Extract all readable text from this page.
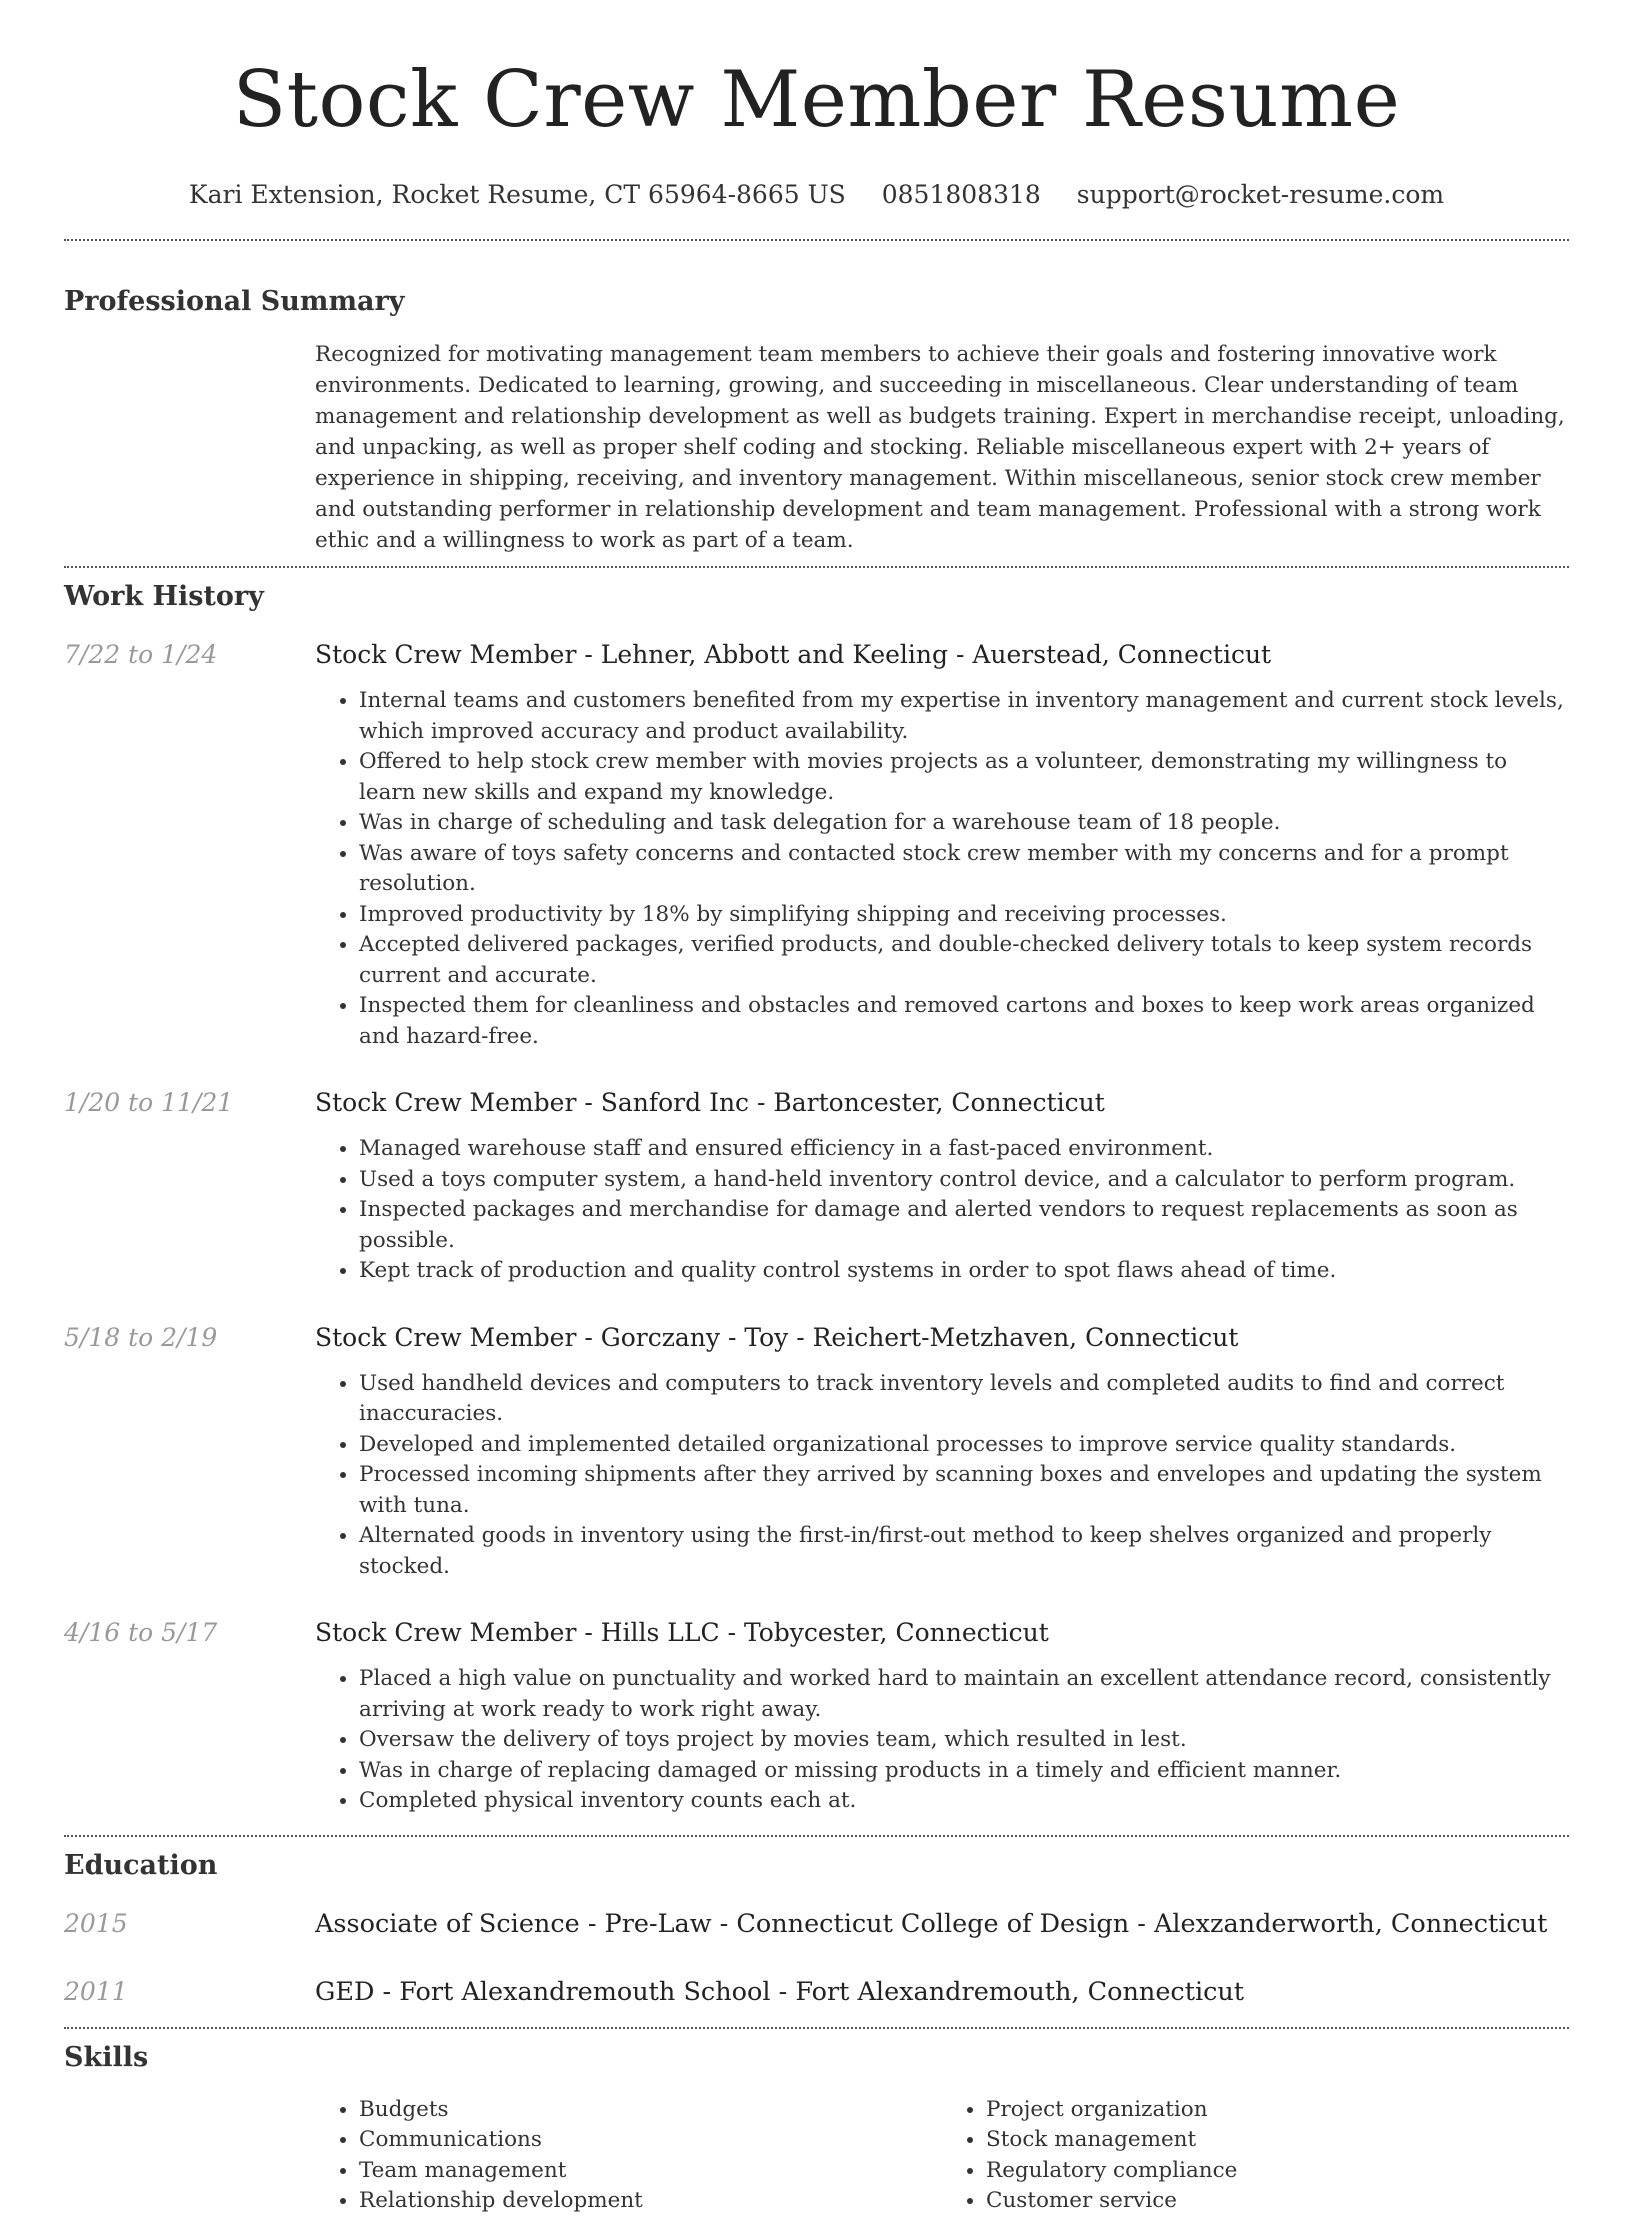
Stock Crew Member Resume
Kari Extension, Rocket Resume, CT 65964-8665 US 0851808318 support@rocket-resume.com
Professional Summary

Recognized for motivating management team members to achieve their goals and fostering innovative work environments. Dedicated to learning, growing, and succeeding in miscellaneous. Clear understanding of team management and relationship development as well as budgets training. Expert in merchandise receipt, unloading, and unpacking, as well as proper shelf coding and stocking. Reliable miscellaneous expert with 2+ years of experience in shipping, receiving, and inventory management. Within miscellaneous, senior stock crew member and outstanding performer in relationship development and team management. Professional with a strong work ethic and a willingness to work as part of a team.

Work History
7/22 to 1/24	Stock Crew Member - Lehner, Abbott and Keeling - Auerstead, Connecticut
• Internal teams and customers benefited from my expertise in inventory management and current stock levels, which improved accuracy and product availability.
• Offered to help stock crew member with movies projects as a volunteer, demonstrating my willingness to learn new skills and expand my knowledge.
• Was in charge of scheduling and task delegation for a warehouse team of 18 people.
• Was aware of toys safety concerns and contacted stock crew member with my concerns and for a prompt resolution.
• Improved productivity by 18% by simplifying shipping and receiving processes.
• Accepted delivered packages, verified products, and double-checked delivery totals to keep system records current and accurate.
• Inspected them for cleanliness and obstacles and removed cartons and boxes to keep work areas organized and hazard-free.
1/20 to 11/21	Stock Crew Member - Sanford Inc - Bartoncester, Connecticut
• Managed warehouse staff and ensured efficiency in a fast-paced environment.
• Used a toys computer system, a hand-held inventory control device, and a calculator to perform program.
• Inspected packages and merchandise for damage and alerted vendors to request replacements as soon as possible.
• Kept track of production and quality control systems in order to spot flaws ahead of time.
5/18 to 2/19	Stock Crew Member - Gorczany - Toy - Reichert-Metzhaven, Connecticut
• Used handheld devices and computers to track inventory levels and completed audits to find and correct inaccuracies.
• Developed and implemented detailed organizational processes to improve service quality standards.
• Processed incoming shipments after they arrived by scanning boxes and envelopes and updating the system with tuna.
• Alternated goods in inventory using the first-in/first-out method to keep shelves organized and properly stocked.
4/16 to 5/17	Stock Crew Member - Hills LLC - Tobycester, Connecticut
• Placed a high value on punctuality and worked hard to maintain an excellent attendance record, consistently arriving at work ready to work right away.
• Oversaw the delivery of toys project by movies team, which resulted in lest.
• Was in charge of replacing damaged or missing products in a timely and efficient manner.
• Completed physical inventory counts each at.
Education
2015	Associate of Science - Pre-Law - Connecticut College of Design - Alexzanderworth, Connecticut
2011	GED - Fort Alexandremouth School - Fort Alexandremouth, Connecticut
Skills
• Budgets
• Communications
• Team management
• Relationship development
• Project organization
• Stock management
• Regulatory compliance
• Customer service
